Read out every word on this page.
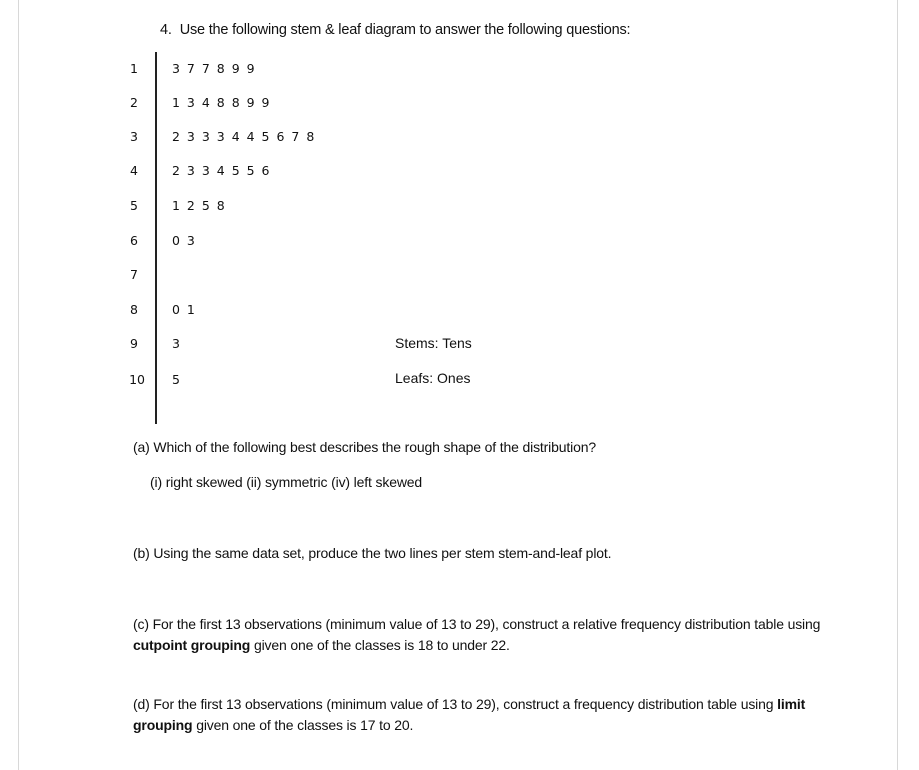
4. Use the following stem & leaf diagram to answer the following questions:
1	3 7 7 8 9 9
2	1 3 4 8 8 9 9
3	2 3 3 3 4 4 5 6 7 8
4	2 3 3 4 5 5 6
5	1 2 5 8
6	0 3
7
8	0 1
9	3
10 5
Stems: Tens
Leafs: Ones
(a) Which of the following best describes the rough shape of the distribution?
(i) right skewed (ii) symmetric (iv) left skewed
(b) Using the same data set, produce the two lines per stem stem-and-leaf plot.
(c) For the first 13 observations (minimum value of 13 to 29), construct a relative frequency distribution table using cutpoint grouping given one of the classes is 18 to under 22.
(d) For the first 13 observations (minimum value of 13 to 29), construct a frequency distribution table using limit grouping given one of the classes is 17 to 20.
